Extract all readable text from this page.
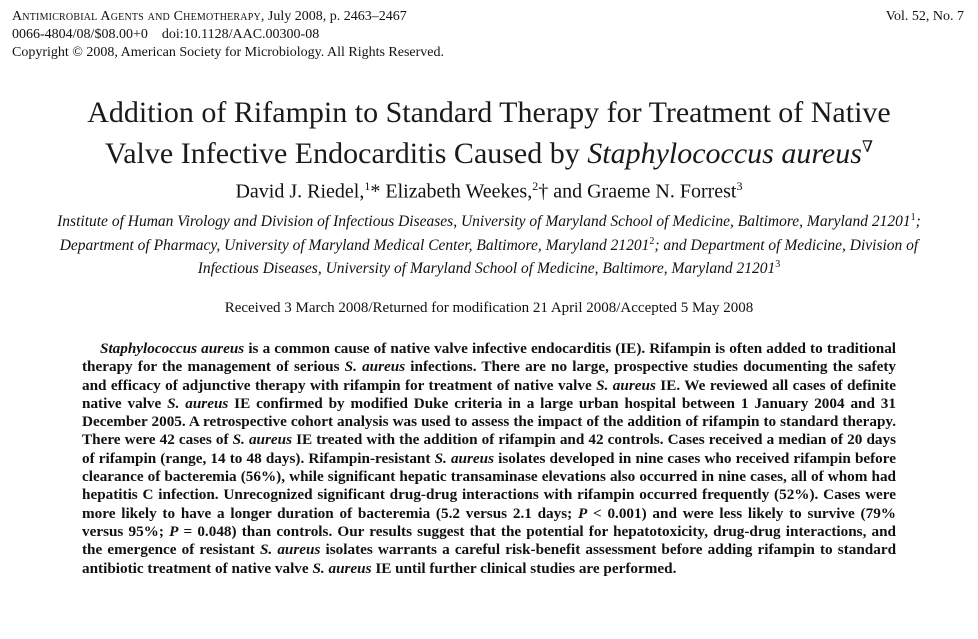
Antimicrobial Agents and Chemotherapy, July 2008, p. 2463–2467	Vol. 52, No. 7
0066-4804/08/$08.00+0    doi:10.1128/AAC.00300-08
Copyright © 2008, American Society for Microbiology. All Rights Reserved.
Addition of Rifampin to Standard Therapy for Treatment of Native
Valve Infective Endocarditis Caused by Staphylococcus aureus∇
David J. Riedel,$^1$* Elizabeth Weekes,$^2$† and Graeme N. Forrest$^3$
Institute of Human Virology and Division of Infectious Diseases, University of Maryland School of Medicine, Baltimore, Maryland 21201$^1$; Department of Pharmacy, University of Maryland Medical Center, Baltimore, Maryland 21201$^2$; and Department of Medicine, Division of Infectious Diseases, University of Maryland School of Medicine, Baltimore, Maryland 21201$^3$
Received 3 March 2008/Returned for modification 21 April 2008/Accepted 5 May 2008
Staphylococcus aureus is a common cause of native valve infective endocarditis (IE). Rifampin is often added to traditional therapy for the management of serious S. aureus infections. There are no large, prospective studies documenting the safety and efficacy of adjunctive therapy with rifampin for treatment of native valve S. aureus IE. We reviewed all cases of definite native valve S. aureus IE confirmed by modified Duke criteria in a large urban hospital between 1 January 2004 and 31 December 2005. A retrospective cohort analysis was used to assess the impact of the addition of rifampin to standard therapy. There were 42 cases of S. aureus IE treated with the addition of rifampin and 42 controls. Cases received a median of 20 days of rifampin (range, 14 to 48 days). Rifampin-resistant S. aureus isolates developed in nine cases who received rifampin before clearance of bacteremia (56%), while significant hepatic transaminase elevations also occurred in nine cases, all of whom had hepatitis C infection. Unrecognized significant drug-drug interactions with rifampin occurred frequently (52%). Cases were more likely to have a longer duration of bacteremia (5.2 versus 2.1 days; P < 0.001) and were less likely to survive (79% versus 95%; P = 0.048) than controls. Our results suggest that the potential for hepatotoxicity, drug-drug interactions, and the emergence of resistant S. aureus isolates warrants a careful risk-benefit assessment before adding rifampin to standard antibiotic treatment of native valve S. aureus IE until further clinical studies are performed.
